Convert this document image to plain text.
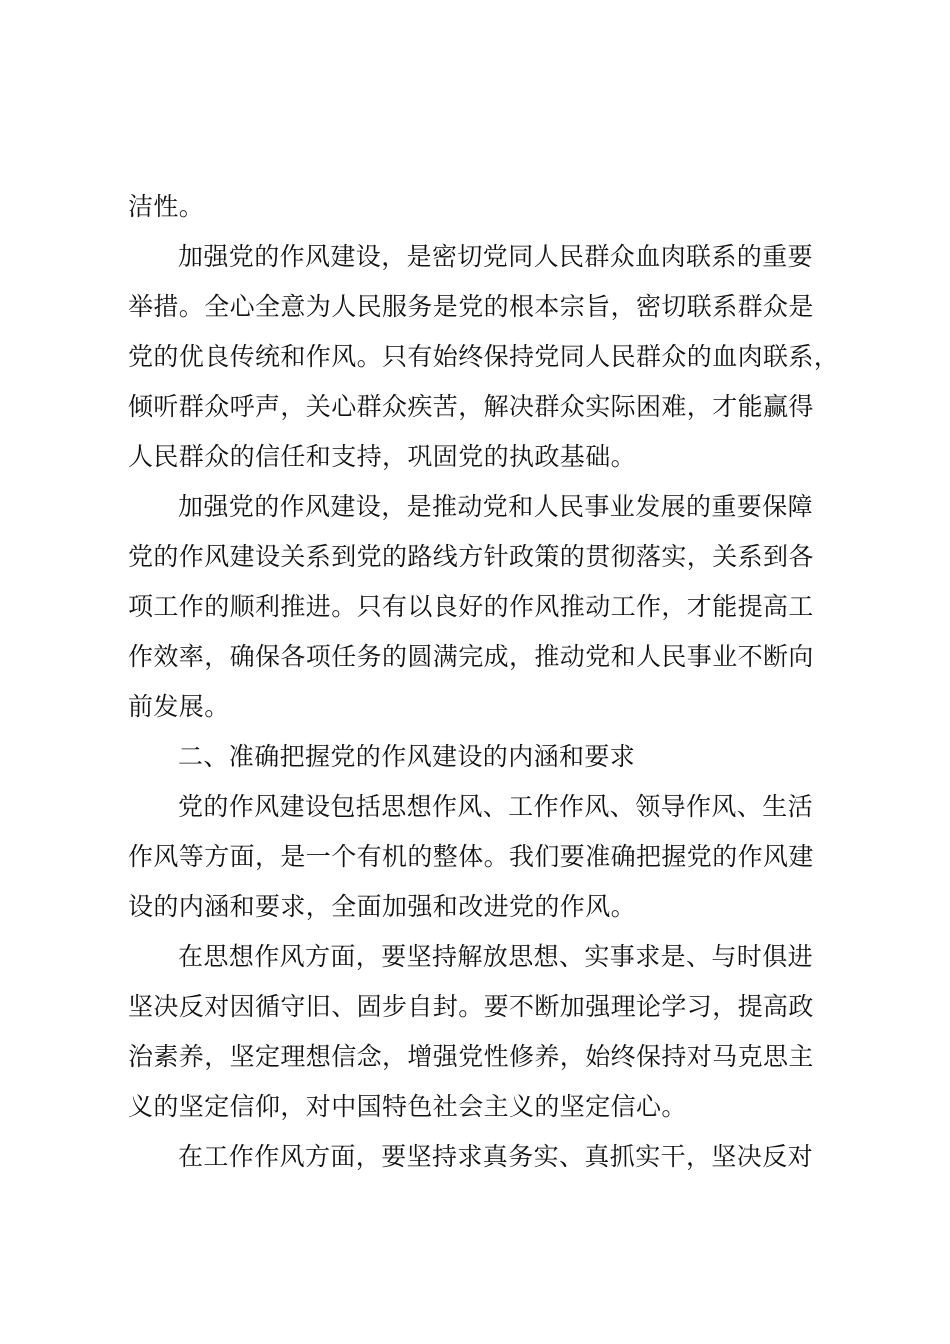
洁性。
加强党的作风建设，是密切党同人民群众血肉联系的重要
举措。全心全意为人民服务是党的根本宗旨，密切联系群众是
党的优良传统和作风。只有始终保持党同人民群众的血肉联系，
倾听群众呼声，关心群众疾苦，解决群众实际困难，才能赢得
人民群众的信任和支持，巩固党的执政基础。
加强党的作风建设，是推动党和人民事业发展的重要保障
党的作风建设关系到党的路线方针政策的贯彻落实，关系到各
项工作的顺利推进。只有以良好的作风推动工作，才能提高工
作效率，确保各项任务的圆满完成，推动党和人民事业不断向
前发展。
二、准确把握党的作风建设的内涵和要求
党的作风建设包括思想作风、工作作风、领导作风、生活
作风等方面，是一个有机的整体。我们要准确把握党的作风建
设的内涵和要求，全面加强和改进党的作风。
在思想作风方面，要坚持解放思想、实事求是、与时俱进
坚决反对因循守旧、固步自封。要不断加强理论学习，提高政
治素养，坚定理想信念，增强党性修养，始终保持对马克思主
义的坚定信仰，对中国特色社会主义的坚定信心。
在工作作风方面，要坚持求真务实、真抓实干，坚决反对
